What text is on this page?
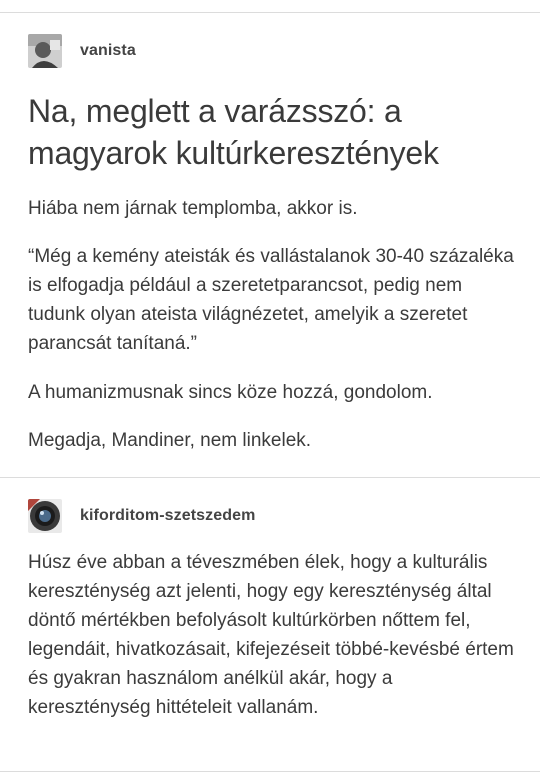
vanista
Na, meglett a varázsszó: a magyarok kultúrkeresztények

Hiába nem járnak templomba, akkor is.

“Még a kemény ateisták és vallástalanok 30-40 százaléka is elfogadja például a szeretetparancsot, pedig nem tudunk olyan ateista világnézetet, amelyik a szeretet parancsát tanítaná.”

A humanizmusnak sincs köze hozzá, gondolom.

Megadja, Mandiner, nem linkelek.

kiforditom-szetszedem

Húsz éve abban a téveszmében élek, hogy a kulturális kereszténység azt jelenti, hogy egy kereszténység által döntő mértékben befolyásolt kultúrkörben nőttem fel, legendáit, hivatkozásait, kifejezéseit többé-kevésbé értem és gyakran használom anélkül akár, hogy a kereszténység hittételeit vallanám.
